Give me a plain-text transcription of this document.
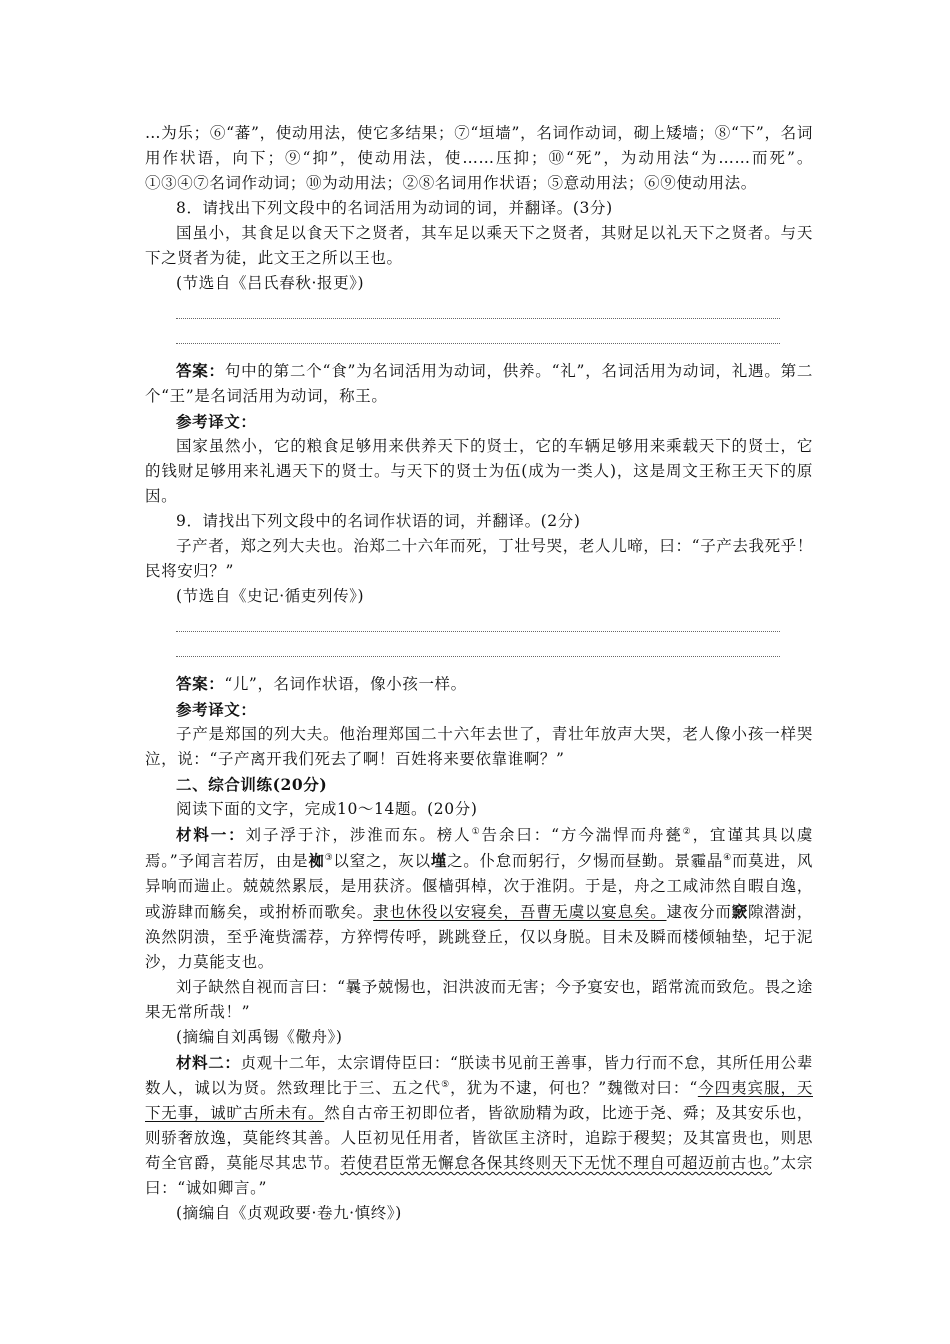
…为乐；⑥“蕃”，使动用法，使它多结果；⑦“垣墙”，名词作动词，砌上矮墙；⑧“下”，名词用作状语，向下；⑨“抑”，使动用法，使……压抑；⑩“死”，为动用法“为……而死”。①③④⑦名词作动词；⑩为动用法；②⑧名词用作状语；⑤意动用法；⑥⑨使动用法。

8．请找出下列文段中的名词活用为动词的词，并翻译。(3分)

国虽小，其食足以食天下之贤者，其车足以乘天下之贤者，其财足以礼天下之贤者。与天下之贤者为徒，此文王之所以王也。

(节选自《吕氏春秋·报更》)

答案：句中的第二个“食”为名词活用为动词，供养。“礼”，名词活用为动词，礼遇。第二个“王”是名词活用为动词，称王。

参考译文：

国家虽然小，它的粮食足够用来供养天下的贤士，它的车辆足够用来乘载天下的贤士，它的钱财足够用来礼遇天下的贤士。与天下的贤士为伍(成为一类人)，这是周文王称王天下的原因。

9．请找出下列文段中的名词作状语的词，并翻译。(2分)

子产者，郑之列大夫也。治郑二十六年而死，丁壮号哭，老人儿啼，曰：“子产去我死乎！民将安归？”

(节选自《史记·循吏列传》)

答案：“儿”，名词作状语，像小孩一样。

参考译文：

子产是郑国的列大夫。他治理郑国二十六年去世了，青壮年放声大哭，老人像小孩一样哭泣，说：“子产离开我们死去了啊！百姓将来要依靠谁啊？”

二、综合训练(20分)

阅读下面的文字，完成10～14题。(20分)

材料一：刘子浮于汴，涉淮而东。榜人①告余曰：“方今湍悍而舟甆②，宜谨其具以虞焉。”予闻言若厉，由是袽③以窒之，灰以墐之。仆怠而躬行，夕惕而昼勤。景霾晶④而莫进，风异响而遄止。兢兢然累辰，是用获济。偃樯弭棹，次于淮阴。于是，舟之工咸沛然自暇自逸，或游肆而觞矣，或拊桥而歌矣。隶也休役以安寝矣，吾曹无虞以宴息矣。逮夜分而窾隙潜澍，涣然阴溃，至乎淹赀濡荐，方猝愕传呼，跳跳登丘，仅以身脱。目未及瞬而楼倾轴垫，圮于泥沙，力莫能支也。

刘子缺然自视而言曰：“曩予兢惕也，汩洪波而无害；今予宴安也，蹈常流而致危。畏之途果无常所哉！”

(摘编自刘禹锡《儆舟》)

材料二：贞观十二年，太宗谓侍臣曰：“朕读书见前王善事，皆力行而不怠，其所任用公辈数人，诚以为贤。然致理比于三、五之代⑤，犹为不逮，何也？”魏徵对曰：“今四夷宾服，天下无事，诚旷古所未有。然自古帝王初即位者，皆欲励精为政，比迹于尧、舜；及其安乐也，则骄奢放逸，莫能终其善。人臣初见任用者，皆欲匡主济时，追踪于稷契；及其富贵也，则思苟全官爵，莫能尽其忠节。若使君臣常无懈怠各保其终则天下无忧不理自可超迈前古也。”太宗曰：“诚如卿言。”

(摘编自《贞观政要·卷九·慎终》)
